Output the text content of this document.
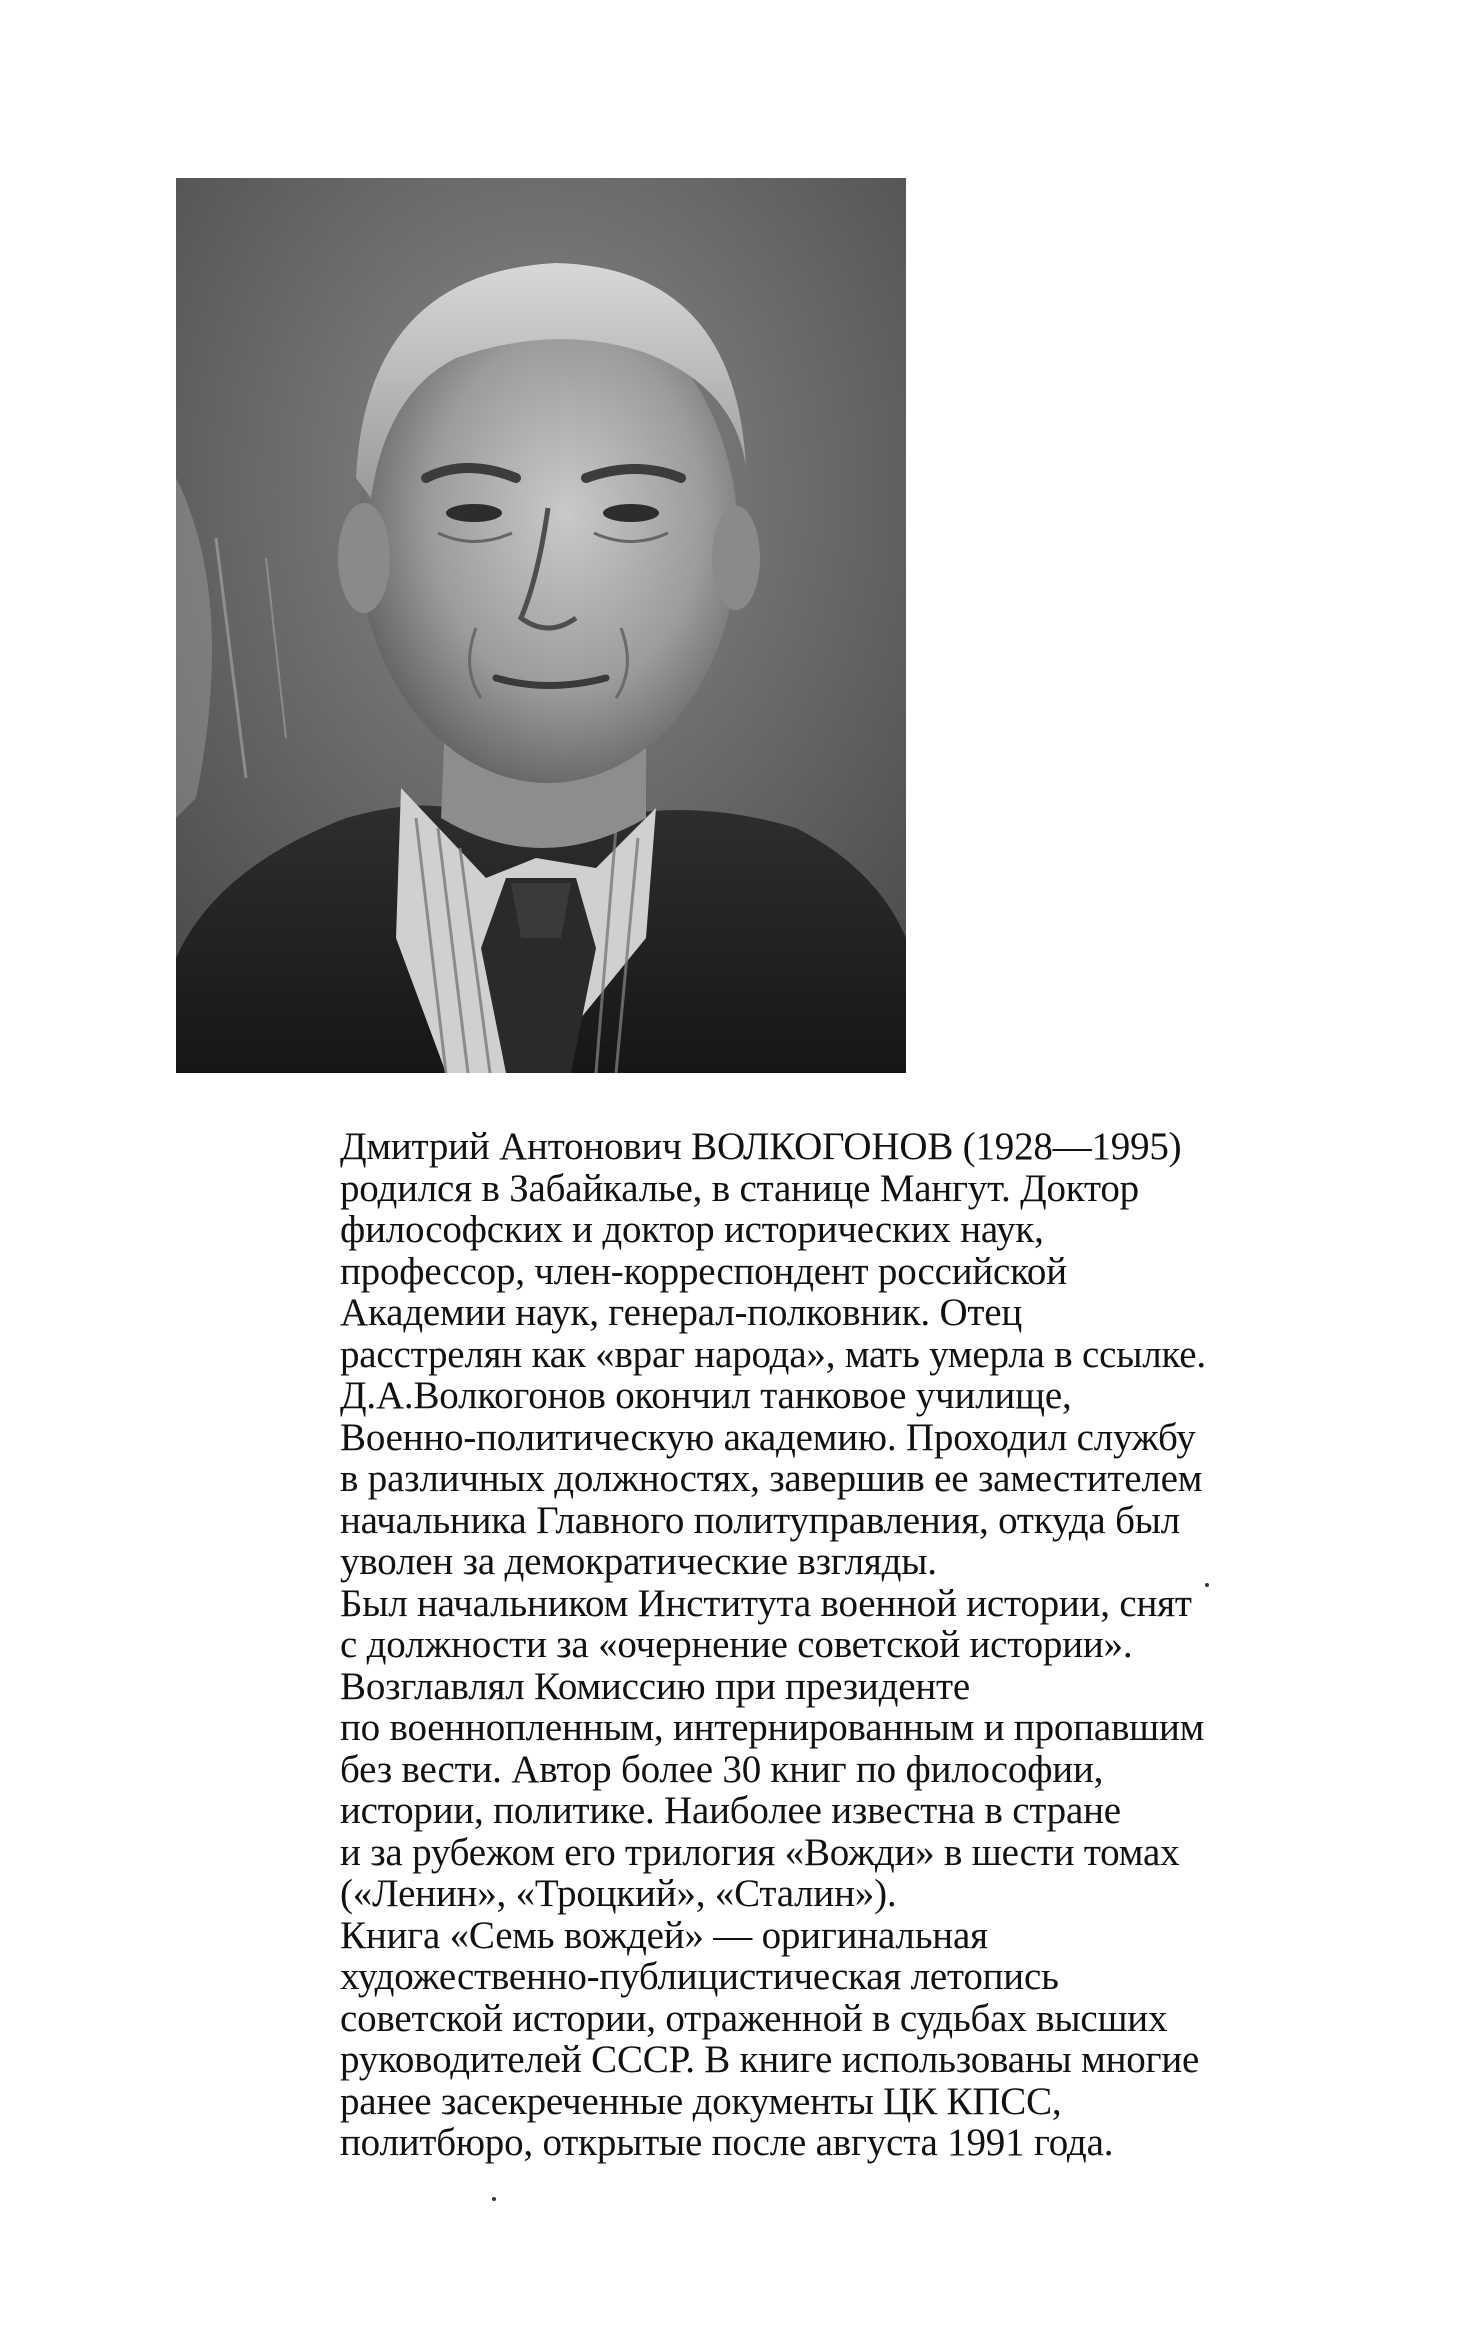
Дмитрий Антонович ВОЛКОГОНОВ (1928—1995)
родился в Забайкалье, в станице Мангут. Доктор
философских и доктор исторических наук,
профессор, член-корреспондент российской
Академии наук, генерал-полковник. Отец
расстрелян как «враг народа», мать умерла в ссылке.
Д.А.Волкогонов окончил танковое училище,
Военно-политическую академию. Проходил службу
в различных должностях, завершив ее заместителем
начальника Главного политуправления, откуда был
уволен за демократические взгляды.
Был начальником Института военной истории, снят
с должности за «очернение советской истории».
Возглавлял Комиссию при президенте
по военнопленным, интернированным и пропавшим
без вести. Автор более 30 книг по философии,
истории, политике. Наиболее известна в стране
и за рубежом его трилогия «Вожди» в шести томах
(«Ленин», «Троцкий», «Сталин»).
Книга «Семь вождей» — оригинальная
художественно-публицистическая летопись
советской истории, отраженной в судьбах высших
руководителей СССР. В книге использованы многие
ранее засекреченные документы ЦК КПСС,
политбюро, открытые после августа 1991 года.
